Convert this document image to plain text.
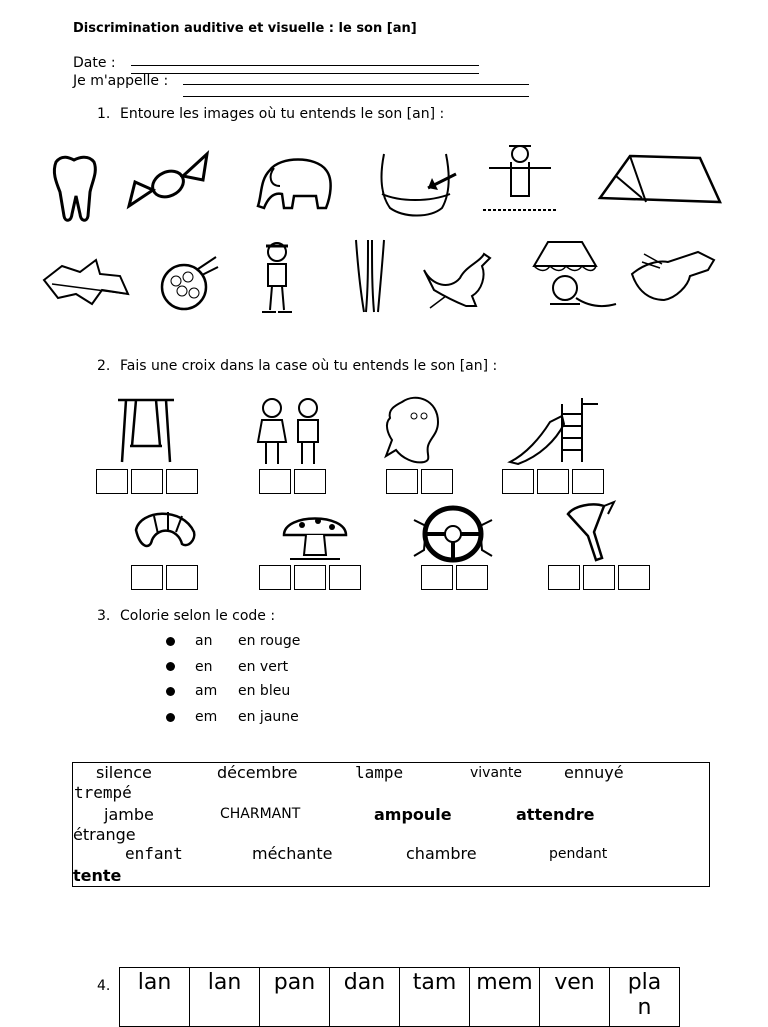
Discrimination auditive et visuelle : le son [an]
Date :
Je m'appelle :
1. Entoure les images où tu entends le son [an] :
2. Fais une croix dans la case où tu entends le son [an] :
3. Colorie selon le code :
an en rouge
en en vert
am en bleu
em en jaune
silence	décembre	lampe	vivante	ennuyé
trempé
jambe	CHARMANT	ampoule	attendre
étrange
enfant	méchante	chambre	pendant
tente
4. lan	lan	pan	dan	tam	mem	ven	pla
n
